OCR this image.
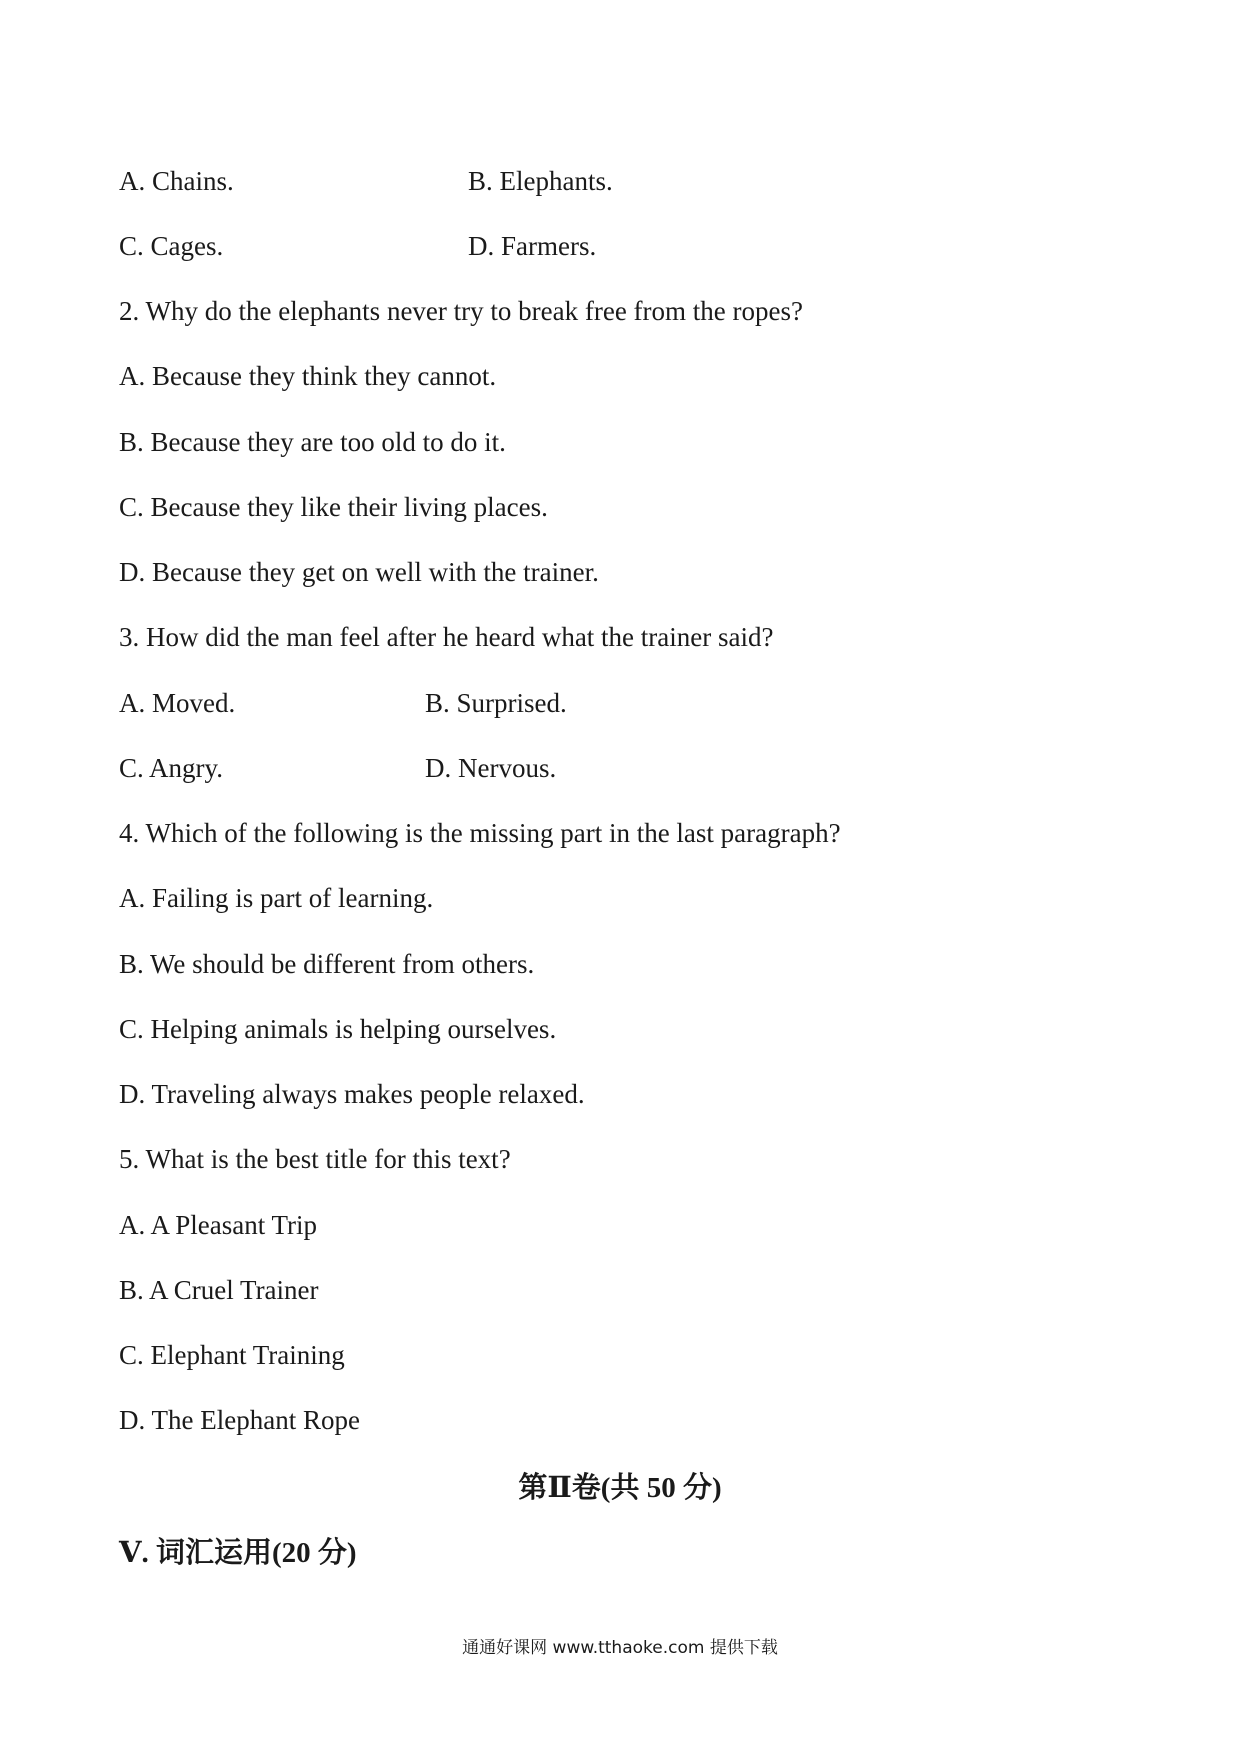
A. Chains.	B. Elephants.
C. Cages.	D. Farmers.
2. Why do the elephants never try to break free from the ropes?
A. Because they think they cannot.
B. Because they are too old to do it.
C. Because they like their living places.
D. Because they get on well with the trainer.
3. How did the man feel after he heard what the trainer said?
A. Moved.	B. Surprised.
C. Angry.	D. Nervous.
4. Which of the following is the missing part in the last paragraph?
A. Failing is part of learning.
B. We should be different from others.
C. Helping animals is helping ourselves.
D. Traveling always makes people relaxed.
5. What is the best title for this text?
A. A Pleasant Trip
B. A Cruel Trainer
C. Elephant Training
D. The Elephant Rope
第Ⅱ卷(共 50 分)
Ⅴ. 词汇运用(20 分)
通通好课网 www.tthaoke.com 提供下载
